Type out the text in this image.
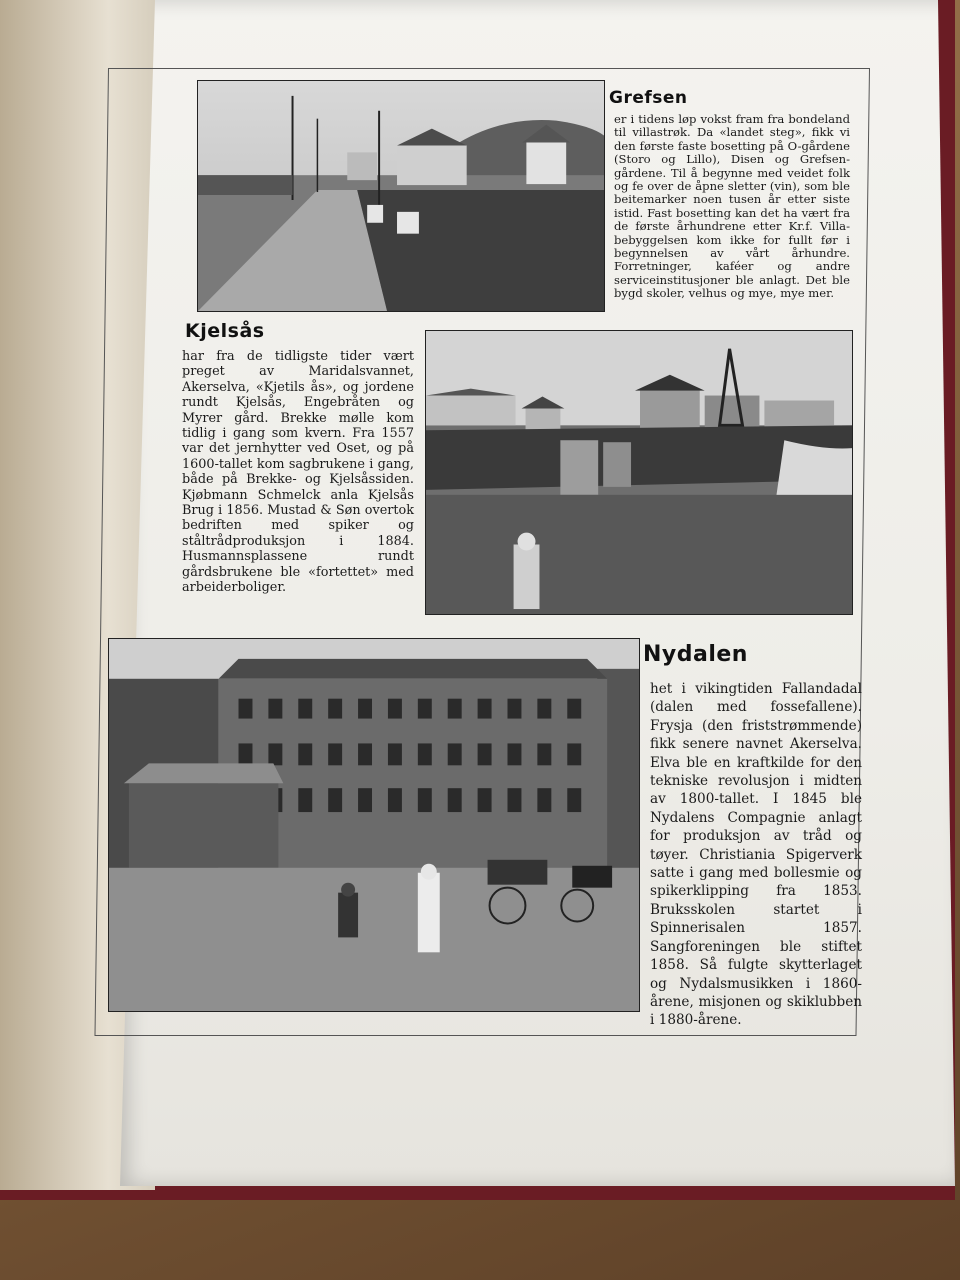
Grefsen

er i tidens løp vokst fram fra bondeland til villastrøk. Da «landet steg», fikk vi den første faste bosetting på O-gårdene (Storo og Lillo), Disen og Grefsen-gårdene. Til å begynne med veidet folk og fe over de åpne sletter (vin), som ble beitemarker noen tusen år etter siste istid. Fast bosetting kan det ha vært fra de første århundrene etter Kr.f. Villa-bebyggelsen kom ikke for fullt før i begynnelsen av vårt århundre. Forretninger, kaféer og andre serviceinstitusjoner ble anlagt. Det ble bygd skoler, velhus og mye, mye mer.

Kjelsås

har fra de tidligste tider vært preget av Maridalsvannet, Akerselva, «Kjetils ås», og jordene rundt Kjelsås, Engebråten og Myrer gård. Brekke mølle kom tidlig i gang som kvern. Fra 1557 var det jernhytter ved Oset, og på 1600-tallet kom sagbrukene i gang, både på Brekke- og Kjelsåssiden. Kjøbmann Schmelck anla Kjelsås Brug i 1856. Mustad & Søn overtok bedriften med spiker og ståltrådproduksjon i 1884. Husmannsplassene rundt gårdsbrukene ble «fortettet» med arbeiderboliger.

Nydalen

het i vikingtiden Fallandadal (dalen med fossefallene). Frysja (den friststrømmende) fikk senere navnet Akerselva. Elva ble en kraftkilde for den tekniske revolusjon i midten av 1800-tallet. I 1845 ble Nydalens Compagnie anlagt for produksjon av tråd og tøyer. Christiania Spigerverk satte i gang med bollesmie og spikerklipping fra 1853. Bruksskolen startet i Spinnerisalen 1857. Sangforeningen ble stiftet 1858. Så fulgte skytterlaget og Nydalsmusikken i 1860-årene, misjonen og skiklubben i 1880-årene.
